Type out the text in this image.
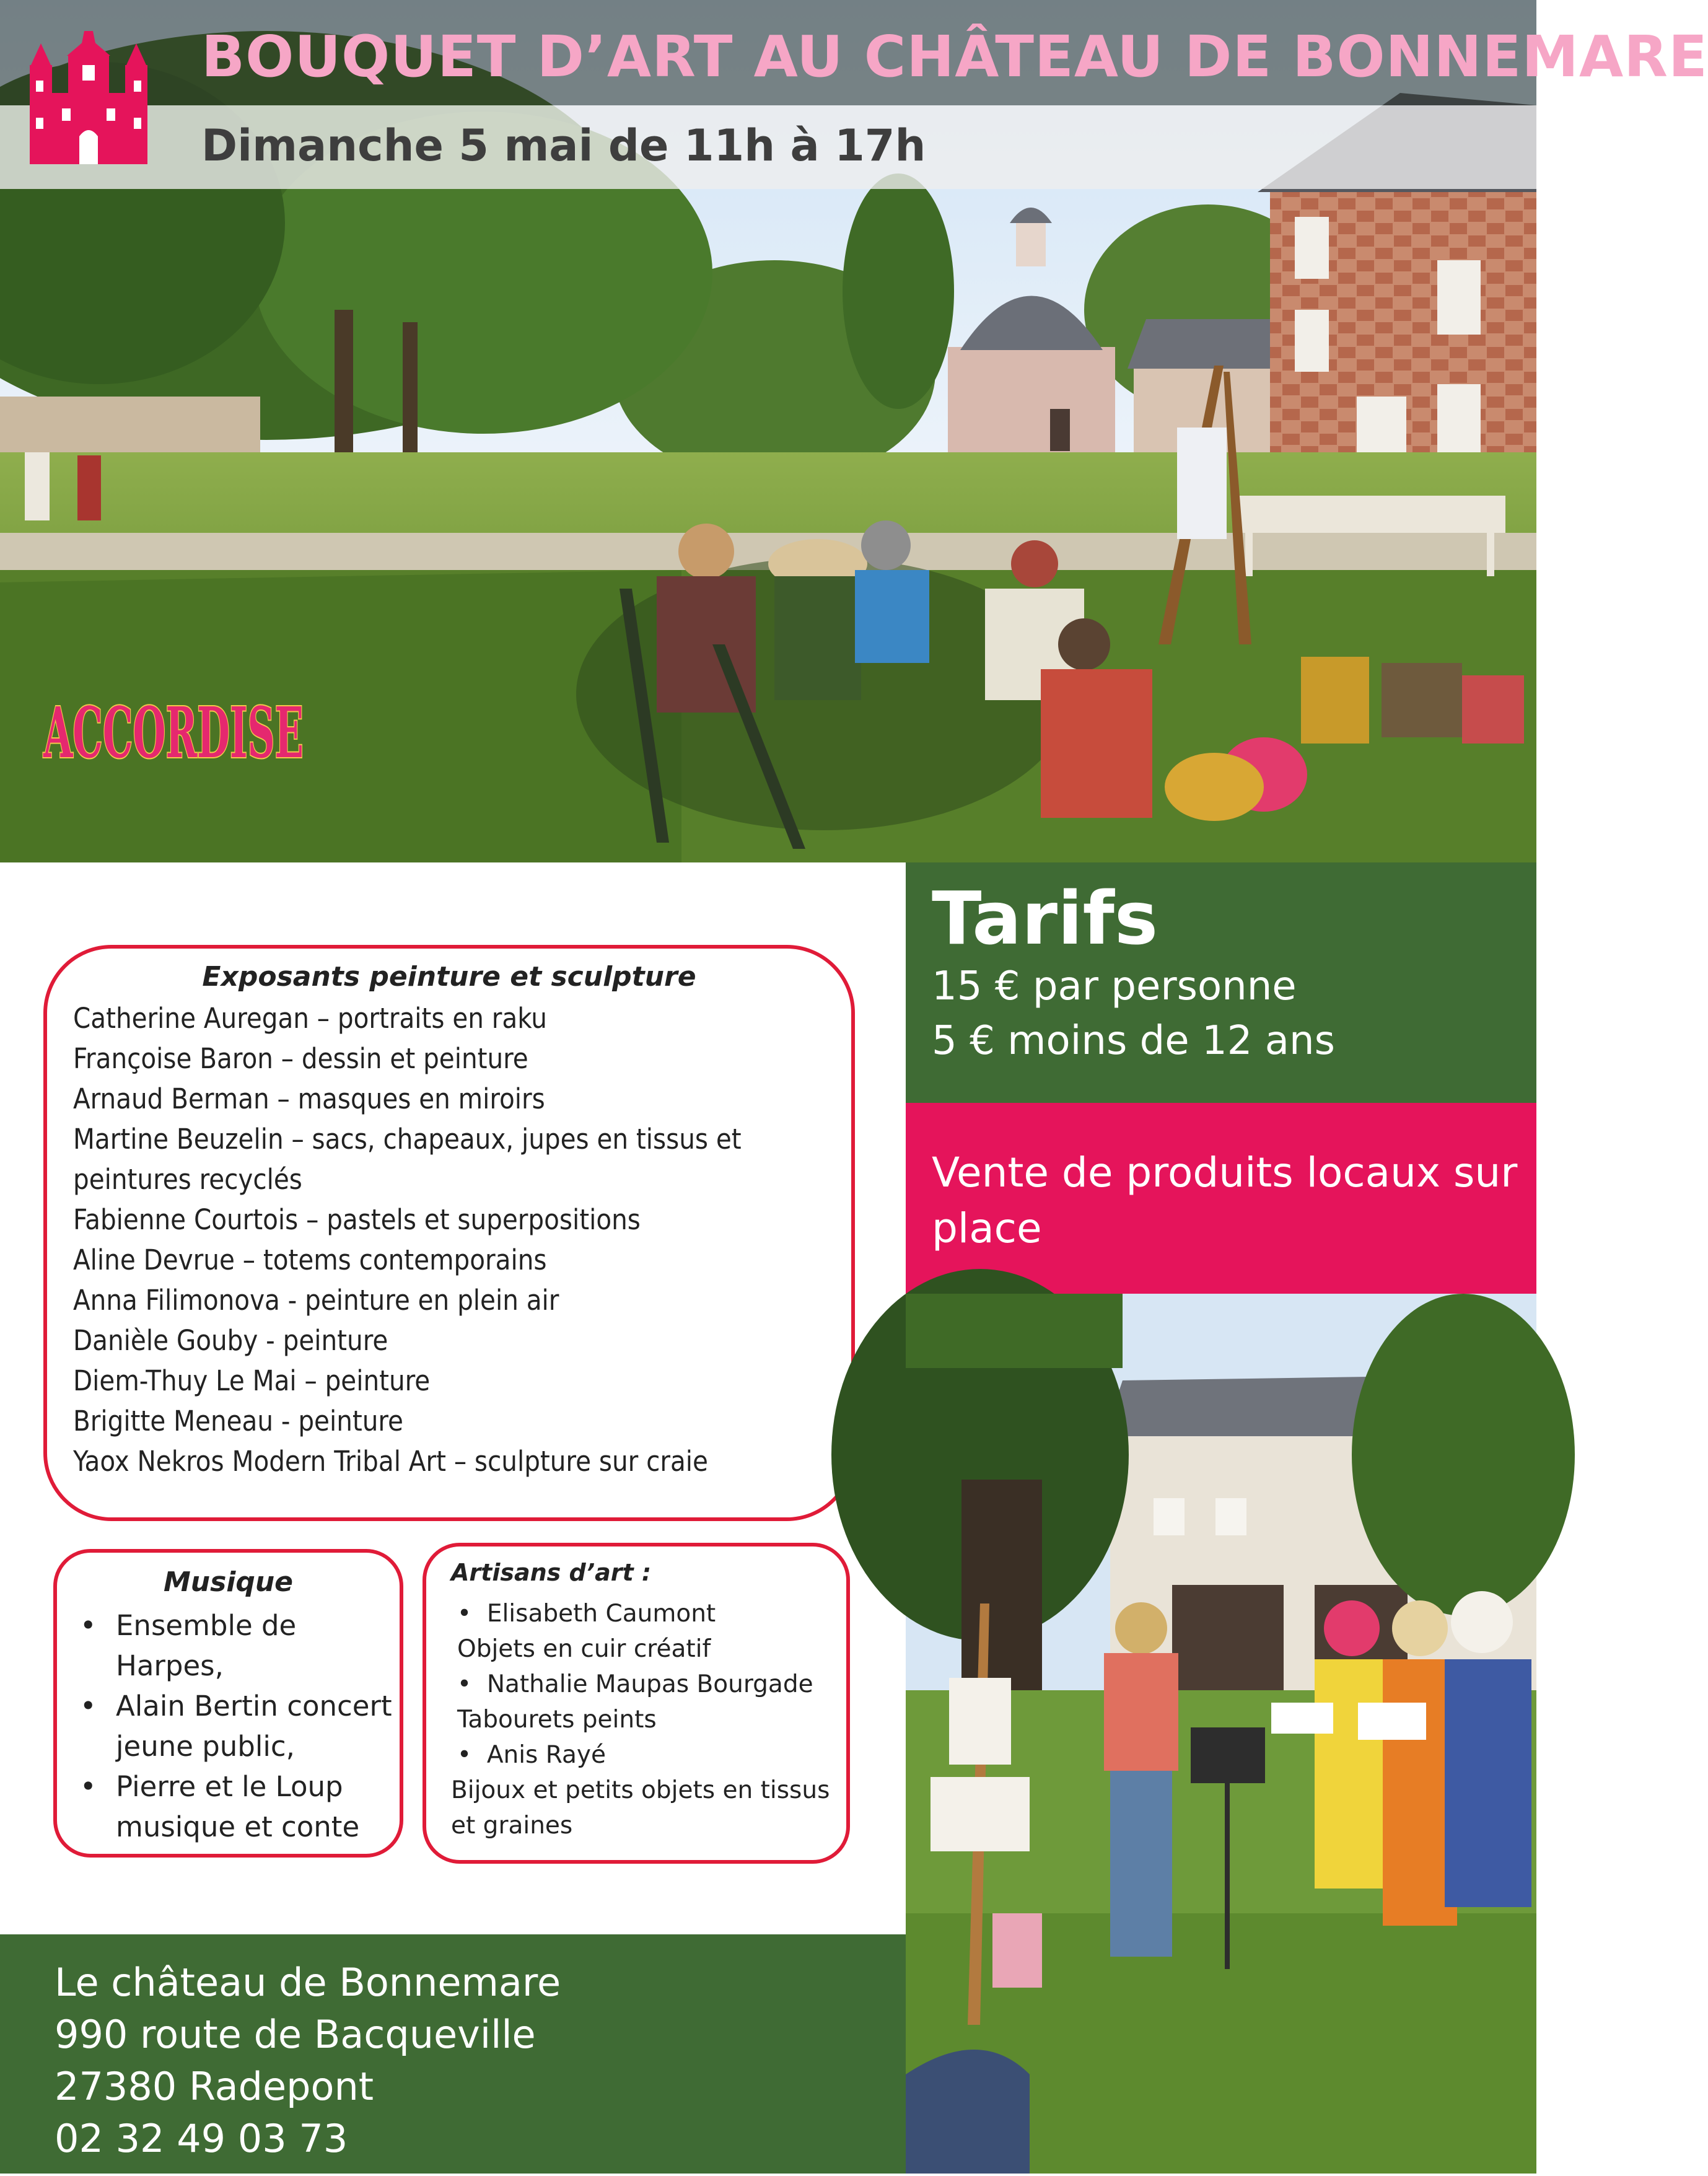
BOUQUET D’ART AU CHÂTEAU DE BONNEMARE
Dimanche 5 mai de 11h à 17h
ACCORDISE
Exposants peinture et sculpture
Catherine Auregan – portraits en raku
Françoise Baron – dessin et peinture
Arnaud Berman – masques en miroirs
Martine Beuzelin – sacs, chapeaux, jupes en tissus et peintures recyclés
Fabienne Courtois – pastels et superpositions
Aline Devrue – totems contemporains
Anna Filimonova - peinture en plein air
Danièle Gouby - peinture
Diem-Thuy Le Mai – peinture
Brigitte Meneau - peinture
Yaox Nekros Modern Tribal Art – sculpture sur craie
Musique
• Ensemble de Harpes,
• Alain Bertin concert jeune public,
• Pierre et le Loup musique et conte
Artisans d’art :
•  Elisabeth Caumont
Objets en cuir créatif
•  Nathalie Maupas Bourgade
Tabourets peints
•  Anis Rayé
Bijoux et petits objets en tissus et graines
Tarifs
15 € par personne
5 € moins de 12 ans
Vente de produits locaux sur place
Le château de Bonnemare
990 route de Bacqueville
27380 Radepont
02 32 49 03 73
